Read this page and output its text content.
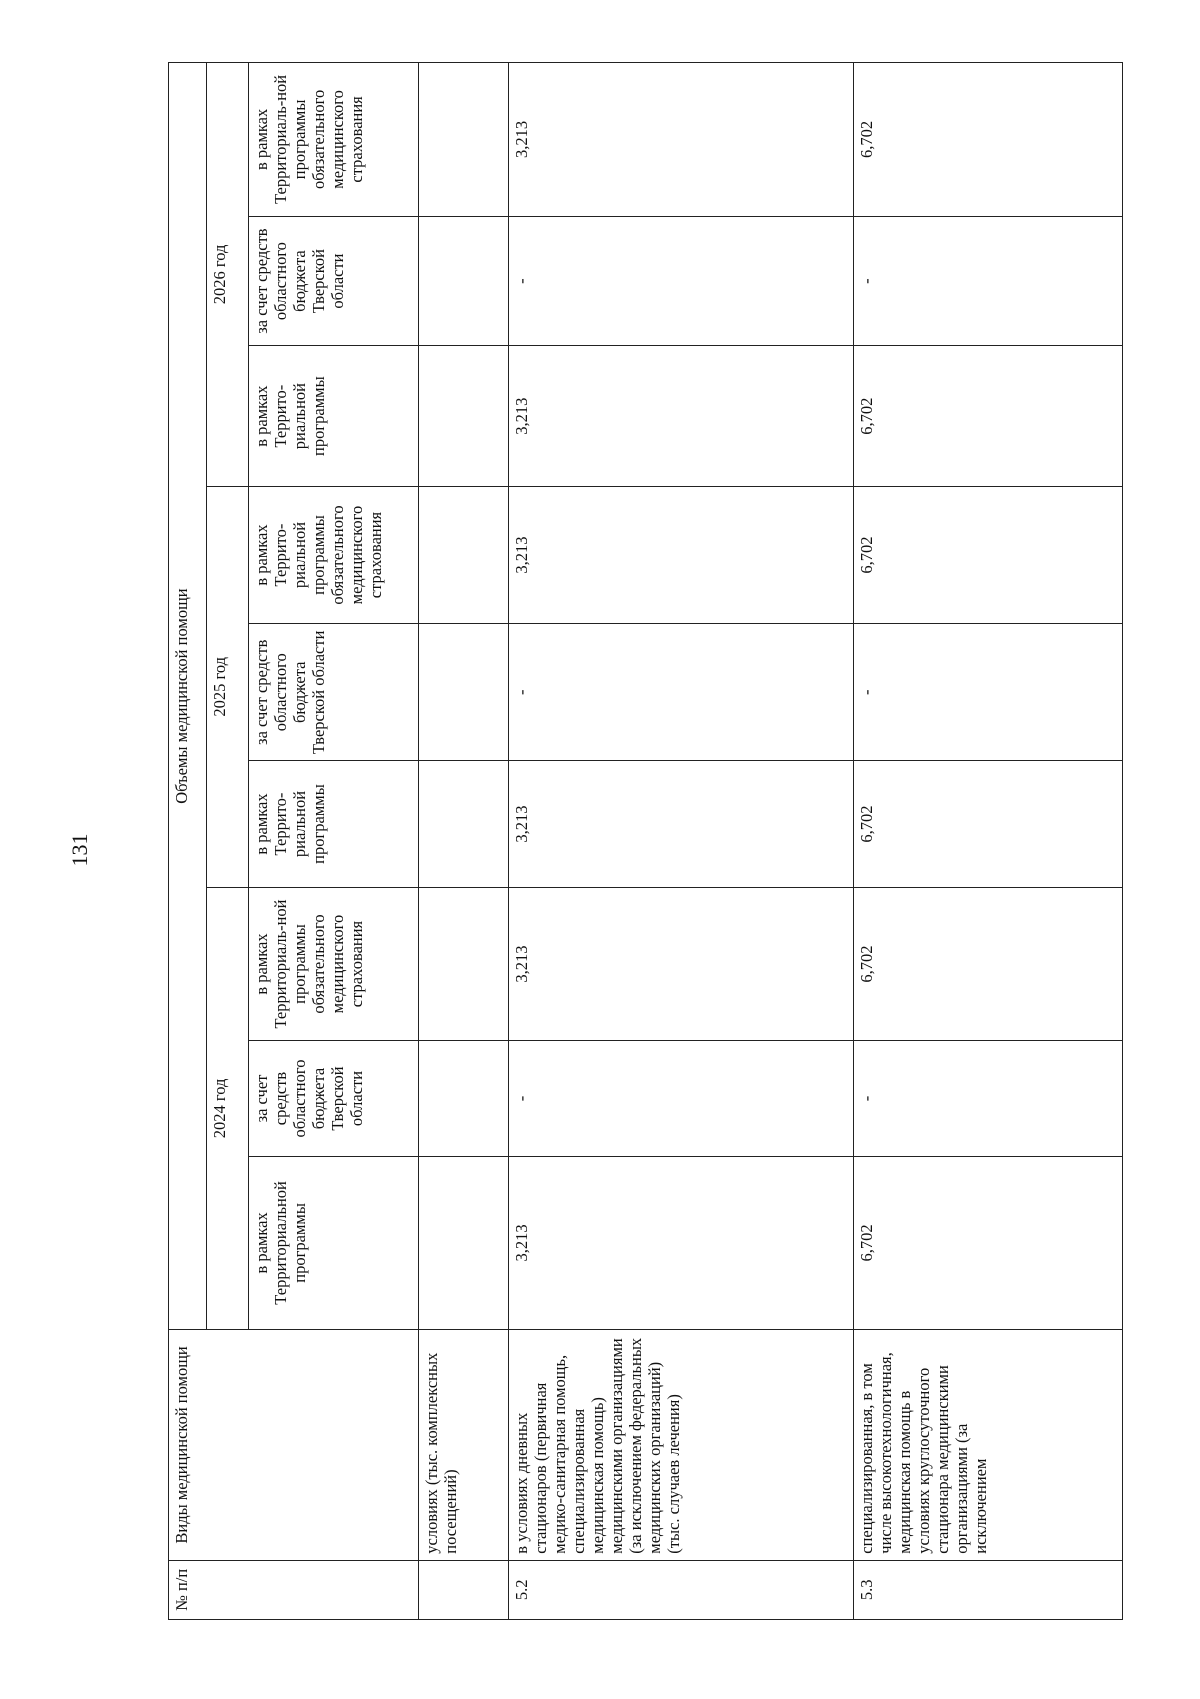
131
№ п/п	Виды медицинской помощи	Объемы медицинской помощи								
		2024 год			2025 год			2026 год		
		в рамках Территориальной программы	за счет средств областного бюджета Тверской области	в рамках Территориаль-ной программы обязательного медицинского страхования	в рамках Террито-риальной программы	за счет средств областного бюджета Тверской области	в рамках Террито-риальной программы обязательного медицинского страхования	в рамках Террито-риальной программы	за счет средств областного бюджета Тверской области	в рамках Территориаль-ной программы обязательного медицинского страхования
	условиях (тыс. комплексных посещений)									
5.2	в условиях дневных стационаров (первичная медико-санитарная помощь, специализированная медицинская помощь) медицинскими организациями (за исключением федеральных медицинских организаций) (тыс. случаев лечения)	3,213	-	3,213	3,213	-	3,213	3,213	-	3,213
5.3	специализированная, в том числе высокотехнологичная, медицинская помощь в условиях круглосуточного стационара медицинскими организациями (за исключением	6,702	-	6,702	6,702	-	6,702	6,702	-	6,702
